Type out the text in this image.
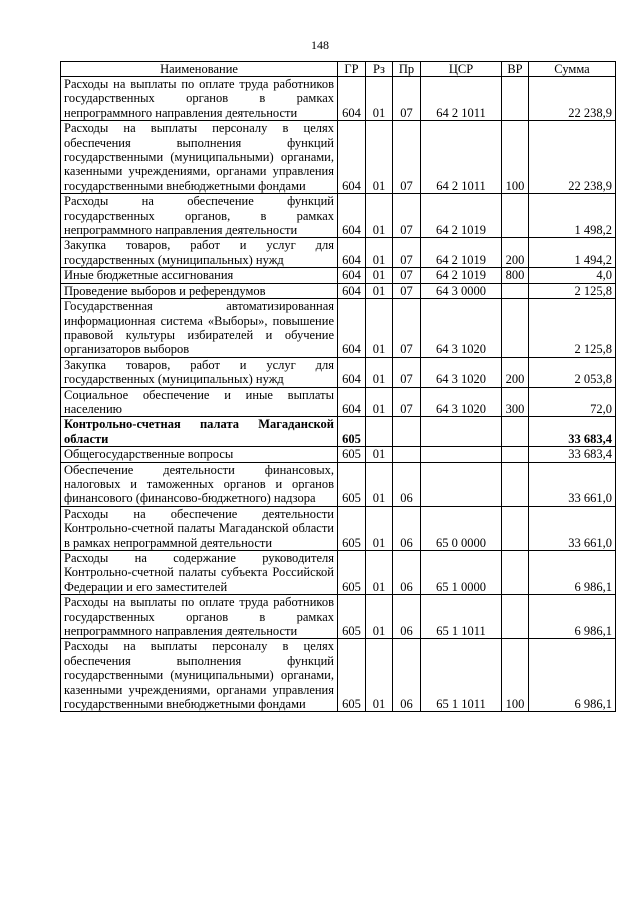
148
Наименование	ГР	Рз	Пр	ЦСР	ВР	Сумма
Расходы на выплаты по оплате труда работников государственных органов в рамках непрограммного направления деятельности	604	01	07	64 2 1011		22 238,9
Расходы на выплаты персоналу в целях обеспечения выполнения функций государственными (муниципальными) органами, казенными учреждениями, органами управления государственными внебюджетными фондами	604	01	07	64 2 1011	100	22 238,9
Расходы на обеспечение функций государственных органов, в рамках непрограммного направления деятельности	604	01	07	64 2 1019		1 498,2
Закупка товаров, работ и услуг для государственных (муниципальных) нужд	604	01	07	64 2 1019	200	1 494,2
Иные бюджетные ассигнования	604	01	07	64 2 1019	800	4,0
Проведение выборов и референдумов	604	01	07	64 3 0000		2 125,8
Государственная автоматизированная информационная система «Выборы», повышение правовой культуры избирателей и обучение организаторов выборов	604	01	07	64 3 1020		2 125,8
Закупка товаров, работ и услуг для государственных (муниципальных) нужд	604	01	07	64 3 1020	200	2 053,8
Социальное обеспечение и иные выплаты населению	604	01	07	64 3 1020	300	72,0
Контрольно-счетная палата Магаданской области	605					33 683,4
Общегосударственные вопросы	605	01				33 683,4
Обеспечение деятельности финансовых, налоговых и таможенных органов и органов финансового (финансово-бюджетного) надзора	605	01	06			33 661,0
Расходы на обеспечение деятельности Контрольно-счетной палаты Магаданской области в рамках непрограммной деятельности	605	01	06	65 0 0000		33 661,0
Расходы на содержание руководителя Контрольно-счетной палаты субъекта Российской Федерации и его заместителей	605	01	06	65 1 0000		6 986,1
Расходы на выплаты по оплате труда работников государственных органов в рамках непрограммного направления деятельности	605	01	06	65 1 1011		6 986,1
Расходы на выплаты персоналу в целях обеспечения выполнения функций государственными (муниципальными) органами, казенными учреждениями, органами управления государственными внебюджетными фондами	605	01	06	65 1 1011	100	6 986,1
